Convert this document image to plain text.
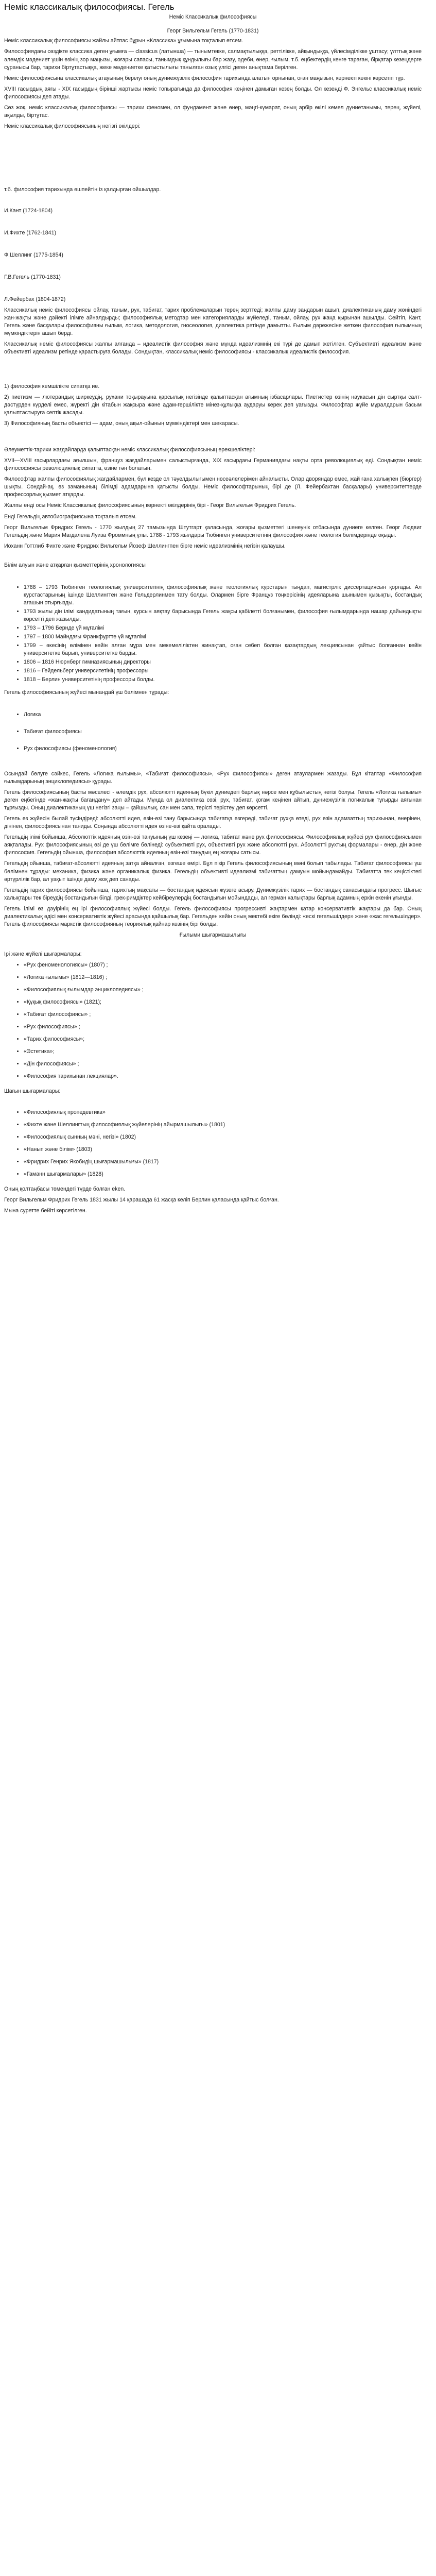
Неміс классикалық философиясы. Гегель
Неміс Классикалық философиясы
Георг Вильгельм Гегель (1770-1831)

Неміс классикалық философиясы жайлы айтпас бұрын «Классика» ұғымына тоқталып өтсем.

Философиядағы сөздікте классика деген ұғымға — classicus (латынша) — тынымтекке, салмақтылыққа, реттілікке, айқындыққа, үйлесімділікке ұштасу; үлттық және әлемдік мәдениет үшін өзінің зор маңызы, жоғары сапасы, танымдық құндылығы бар жазу, әдеби, өнер, ғылым, т.б. еңбектердің кенге тараған, бірқатар кезеңдерге сұранысы бар, тарихи біртұтастыққа, жеке мәдениетке қатыстылығы танылған озық үлгісі деген анықтама берілген.

Неміс философиясына классикалық атауының берілуі оның дүниежүзілік философия тарихында алатын орнынан, оған маңызын, көрнекті көкіні көрсетіп тұр.

XVIII ғасырдың аяғы - XIX ғасырдың бірінші жартысы неміс топырағында да философия кеңінен дамыған кезең болды. Ол кезеңді Ф. Энгельс классикалық неміс философиясы деп атады.

Сөз жоқ, неміс классикалық философиясы — тарихи феномен, ол фундамент және өнер, мәңгі-күмарат, оның арбір өкілі кемел дүниетанымы, терең, жүйелі, ақылды, біртұтас.

Неміс классикалық философиясының негізгі өкілдері:

т.б. философия тарихында өшпейтін із қалдырған ойшылдар.

И.Кант (1724-1804)

И.Фихте (1762-1841)

Ф.Шеллинг (1775-1854)

Г.В.Гегель (1770-1831)

Л.Фейербах (1804-1872)

Классикалық неміс философиясы ойлау, таным, рух, табиғат, тарих проблемаларын терең зерттеді; жалпы даму заңдарын ашып, диалектиканың даму жөніндегі жан-жақты және дәйекті ілімге айналдырды; философиялық методтар мен категорияларды жүйеледі, таным, ойлау, рух жаңа қырынан ашылды. Сейтіп, Кант, Гегель және басқалары философияны ғылым, логика, методология, гносеология, диалектика ретінде дамытты. Ғылым дәрежесіне жеткен философия ғылымның мүмкіндіктерін ашып берді.

Классикалық неміс философиясы жалпы алғанда – идеалистік философия және мұнда идеализмнің екі түрі де дамып жетілген. Субъективті идеализм және объективті идеализм ретінде қарастыруға болады. Сондықтан, классикалық неміс философиясы - классикалық идеалистік философия.

1) философия кемшілікте сипатқа ие.

2) пиетизм — лютерандық ширкеудің, рухани тоқырауына қарсылық негізінде қалыптасқан ағымның ізбасарлары. Пиетистер өзінің наукасын дін сыртқы салт-дәстүрден күрделі емес, жүректі дін кітабын жақсыра және адам-гершілікте мінез-құлыққа аударуы керек деп уағызды. Философтар жүйе мұралдарын басым қалыптастыруға септік жасады.

3) Философияның басты объектісі — адам, оның ақыл-ойының мүмкіндіктері мен шекарасы.

Әлеуметтік-тарихи жағдайларда қалыптасқан неміс классикалық философиясының ерекшеліктері:

XVII—XVIII ғасырлардағы ағылшын, француз жағдайларымен салыстырғанда, XIX ғасырдағы Германиядағы нақты орта революциялық еді. Сондықтан неміс философиясы революциялық сипатта, өзіне тән болатын.

Философтар жалпы философиялық жағдайлармен, бұл кезде ол тәуелдылығымен нөсеәлелерімен айналысты. Олар дворяндар емес, жай ғана халықпен (бюргер) шықты. Сондай-ақ, өз заманының білімді адамдарына қатысты болды. Неміс философтарының бірі де (Л. Фейербахтан басқалары) университеттерде профессорлық қызмет атқарды.

Жалпы енді осы Неміс Классикалық философиясының көрнекті өкілдерінің бірі - Георг Вильгельм Фридрих Гегель.

Енді Гегельдің автобиографиясына тоқталып өтсем.

Георг Вильгельм Фридрих Гегель - 1770 жылдың 27 тамызында Штутгарт қаласында, жоғары қызметтегі шенеунік отбасында дүниеге келген. Георг Людвиг Гегельдің және Мария Магдалена Луиза Фроммның ұлы. 1788 - 1793 жылдары Тюбинген университетінің философия және теология бөлімдерінде оқыды.

Иоханн Готтлиб Фихте және Фридрих Вильгельм Йозеф Шеллингпен бірге неміс идеализмінің негізін қалаушы.

Білім алуын және атқарған қызметтерінің хронологиясы

• 1788 – 1793 Тюбинген теологиялық университетінің философиялық және теологиялық курстарын тыңдап, магистрлік диссертациясын қорғады. Ал курстастарының ішінде Шеллингтен және Гельдерлинмен тату болды. Олармен бірге Француз төңкерісінің идеяларына шынымен қызықты, бостандық ағашын отырғызды.
• 1793 жылы дін ілімі кандидатының тағын, курсын аяқтау барысында Гегель жақсы қабілетті болғанымен, философия ғылымдарында нашар дайындықты көрсетті деп жазылды.
• 1793 – 1796 Бернде үй мұғалімі
• 1797 – 1800 Майндағы Франкфуртте үй мұғалімі
• 1799 – әкесінің өлімінен кейін алған мұра мен мекемеліліктен жинақтап, оған себеп болған қазақтардың лекциясынан қайтыс болғаннан кейін университетке барып, университетке барды.
• 1806 – 1816 Нюрнберг гимназиясының директоры
• 1816 – Гейдельберг университетінің профессоры
• 1818 – Берлин университетінің профессоры болды.

Гегель философиясының жүйесі мынандай үш бөлімнен тұрады:

• Логика
• Табиғат философиясы
• Рух философиясы (феноменология)

Осындай бөлуге сәйкес, Гегель «Логика ғылымы», «Табиғат философиясы», «Рух философиясы» деген атаулармен жазады. Бұл кітаптар «Философия ғылымдарының энциклопедиясы» құрады.

Гегель философиясының басты мәселесі - әлемдік рух, абсолютті идеяның бүкіл дүниедегі барлық нәрсе мен құбылыстың негізі болуы. Гегель «Логика ғылымы» деген еңбегінде «жан-жақты бағандану» деп айтады. Мұнда ол диалектика сөзі, рух, табиғат, қоғам кеңінен айтып, дүниежүзілік логикалық тұғырды аяғынан тұрғызды. Оның диалектиканың үш негізгі заңы – қайшылық, сан мен сапа, терісті терістеу деп көрсетті.

Гегель өз жүйесін былай түсіндіреді: абсолютті идея, өзін-өзі тану барысында табиғатқа өзгереді, табиғат рухқа өтеді, рух өзін адамзаттың тарихынан, өнерінен, дінінен, философиясынан таниды. Соңында абсолютті идея өзіне-өзі қайта оралады.

Гегельдің ілімі бойынша, Абсолюттік идеяның өзін-өзі тануының үш кезеңі — логика, табиғат және рух философиясы. Философиялық жүйесі рух философиясымен аяқталады. Рух философиясының өзі де үш бөлімге бөлінеді: субъективті рух, объективті рух және абсолютті рух. Абсолютті рухтың формалары - өнер, дін және философия. Гегельдің ойынша, философия абсолюттік идеяның өзін-өзі танудың ең жоғары сатысы.

Гегельдің ойынша, табиғат-абсолютті идеяның затқа айналған, өзгеше өмірі. Бұл пікір Гегель философиясының мәні болып табылады. Табиғат философиясы үш бөлімнен тұрады: механика, физика және органикалық физика. Гегельдің объективті идеализмі табиғаттың дамуын мойындамайды. Табиғатта тек кеңістіктегі әртүрлілік бар, ал уақыт ішінде даму жоқ деп санады.

Гегельдің тарих философиясы бойынша, тарихтың мақсаты — бостандық идеясын жүзеге асыру. Дүниежүзілік тарих — бостандық санасындағы прогресс. Шығыс халықтары тек біреудің бостандығын білді, грек-римдіктер кейбіреулердің бостандығын мойындады, ал герман халықтары барлық адамның еркін екенін ұғынды.

Гегель ілімі өз дәуірінің ең ірі философиялық жүйесі болды. Гегель философиясы прогрессивті жақтармен қатар консервативтік жақтары да бар. Оның диалектикалық әдісі мен консервативтік жүйесі арасында қайшылық бар. Гегельден кейін оның мектебі екіге бөлінді: «ескі гегельшілдер» және «жас гегельшілдер». Гегель философиясы маркстік философияның теориялық қайнар көзінің бірі болды.

Ғылыми шығармашылығы

Ірі және жүйелі шығармалары:

• «Рух феноменологиясы» (1807) ;
• «Логика ғылымы» (1812—1816) ;
• «Философиялық ғылымдар энциклопедиясы» ;
• «Құқық философиясы» (1821);
• «Табиғат философиясы» ;
• «Рух философиясы» ;
• «Тарих философиясы»;
• «Эстетика»;
• «Дін философиясы» ;
• «Философия тарихынан лекциялар».

Шағын шығармалары:

• «Философиялық пропедевтика»
• «Фихте және Шеллингтың философиялық жүйелерінің айырмашылығы» (1801)
• «Философиялық сынның мәні, негізі» (1802)
• «Нанып және білім» (1803)
• «Фридрих Генрих Якобидің шығармашылығы» (1817)
• «Гаманн шығармалары» (1828)

Оның қолтаңбасы төмендегі түрде болған еken.

Георг Вильгельм Фридрих Гегель 1831 жылы 14 қарашада 61 жасқа келіп Берлин қаласында қайтыс болған.

Мына суретте бейіті көрсетілген.
